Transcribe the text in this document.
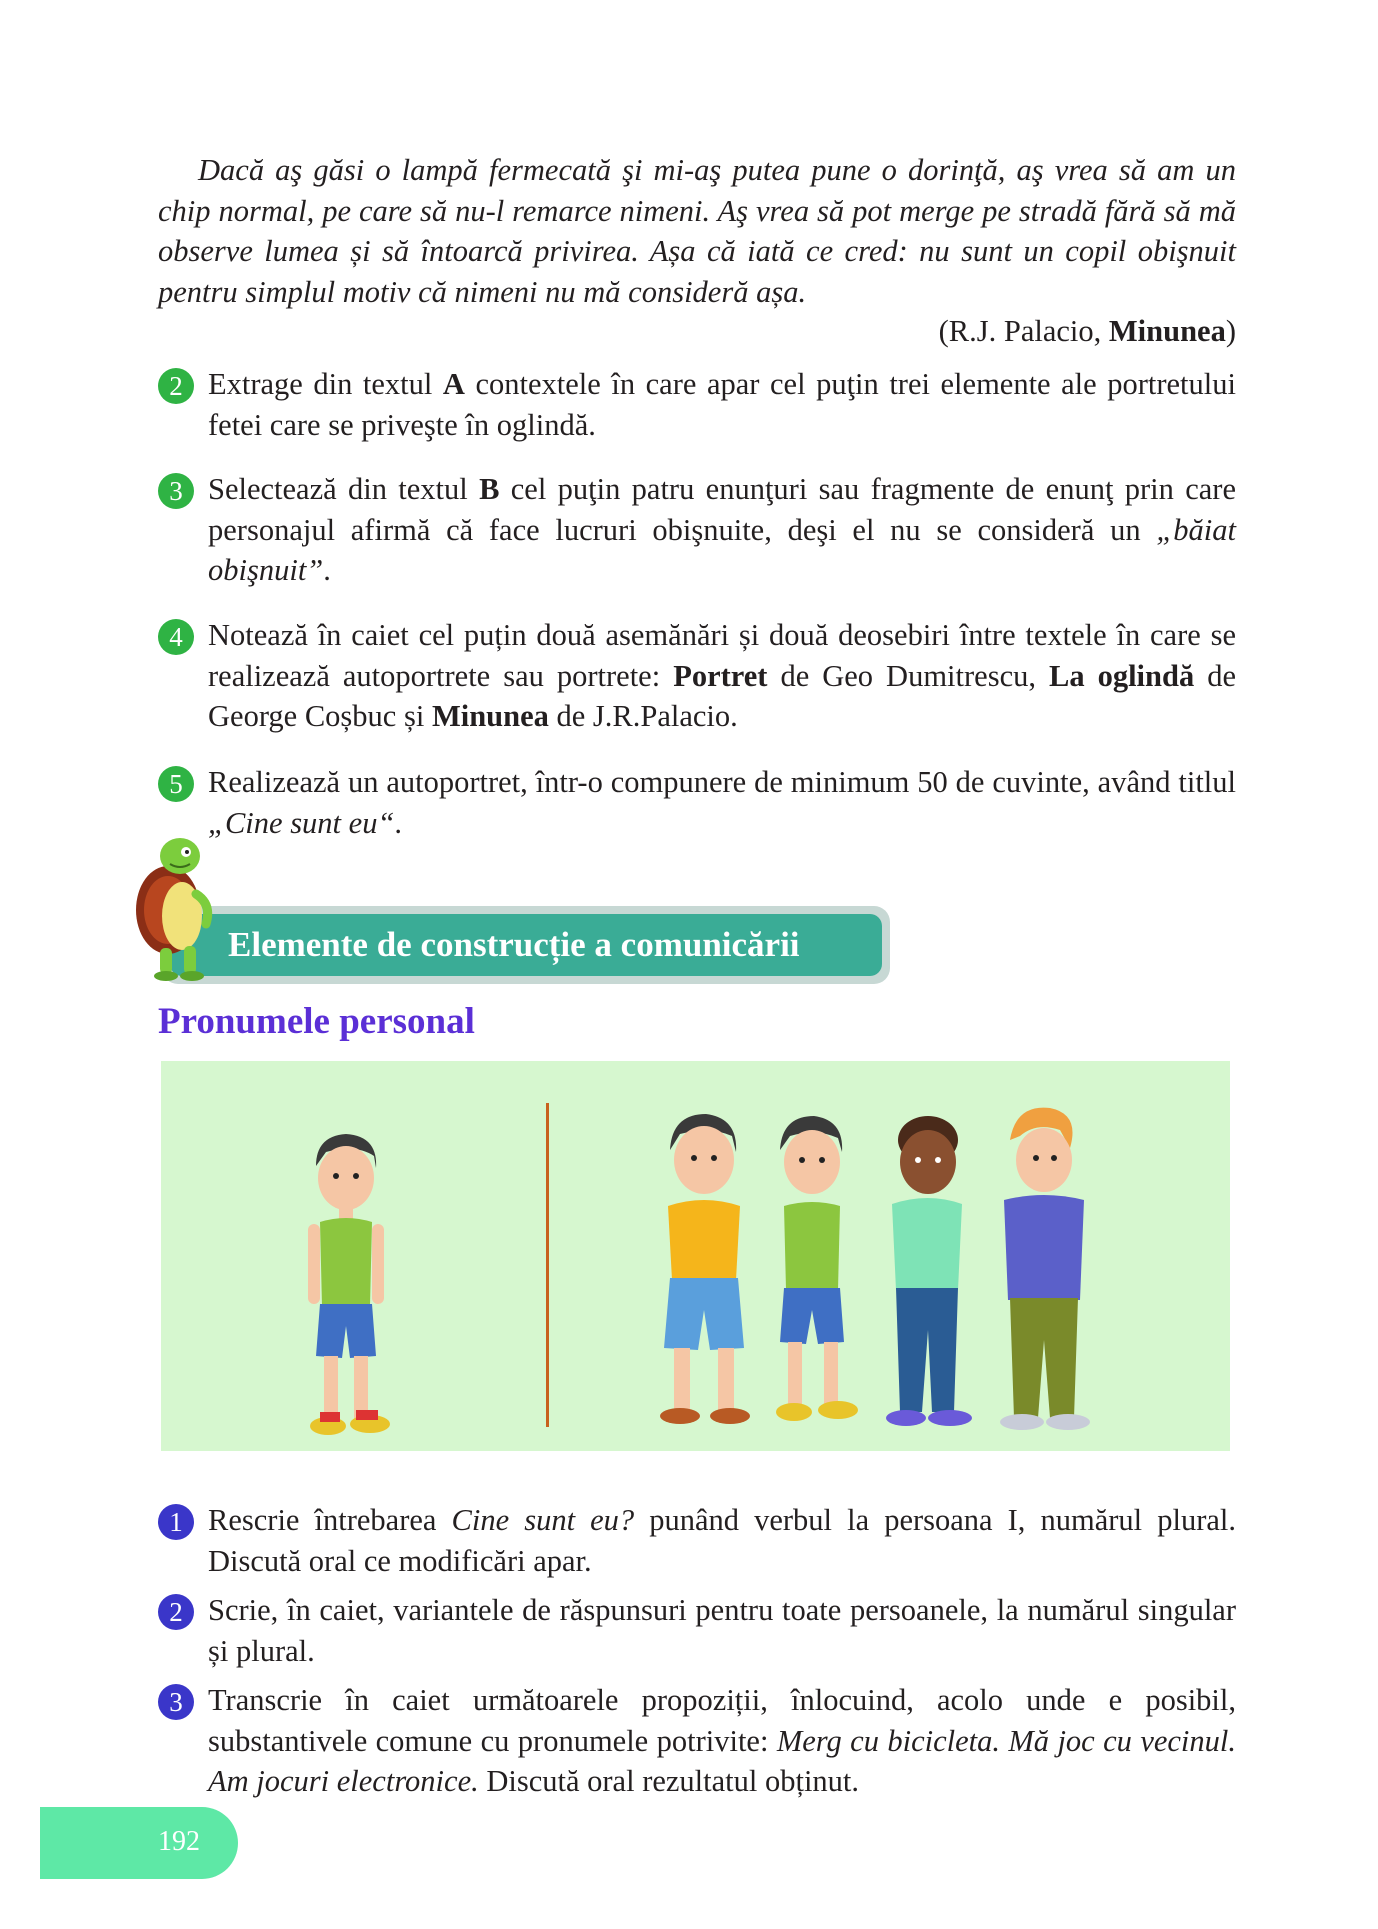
Dacă aş găsi o lampă fermecată şi mi-aş putea pune o dorinţă, aş vrea să am un chip normal, pe care să nu-l remarce nimeni. Aş vrea să pot merge pe stradă fără să mă observe lumea și să întoarcă privirea. Așa că iată ce cred: nu sunt un copil obişnuit pentru simplul motiv că nimeni nu mă consideră așa.
(R.J. Palacio, Minunea)
2 Extrage din textul A contextele în care apar cel puţin trei elemente ale portretului fetei care se priveşte în oglindă.
3 Selectează din textul B cel puţin patru enunţuri sau fragmente de enunţ prin care personajul afirmă că face lucruri obişnuite, deşi el nu se consideră un „băiat obişnuit”.
4 Notează în caiet cel puțin două asemănări și două deosebiri între textele în care se realizează autoportrete sau portrete: Portret de Geo Dumitrescu, La oglindă de George Coșbuc și Minunea de J.R.Palacio.
5 Realizează un autoportret, într-o compunere de minimum 50 de cuvinte, având titlul „Cine sunt eu“.
Elemente de construcție a comunicării
Pronumele personal
1 Rescrie întrebarea Cine sunt eu? punând verbul la persoana I, numărul plural. Discută oral ce modificări apar.
2 Scrie, în caiet, variantele de răspunsuri pentru toate persoanele, la numărul singular și plural.
3 Transcrie în caiet următoarele propoziții, înlocuind, acolo unde e posibil, substantivele comune cu pronumele potrivite: Merg cu bicicleta. Mă joc cu vecinul. Am jocuri electronice. Discută oral rezultatul obținut.
192
